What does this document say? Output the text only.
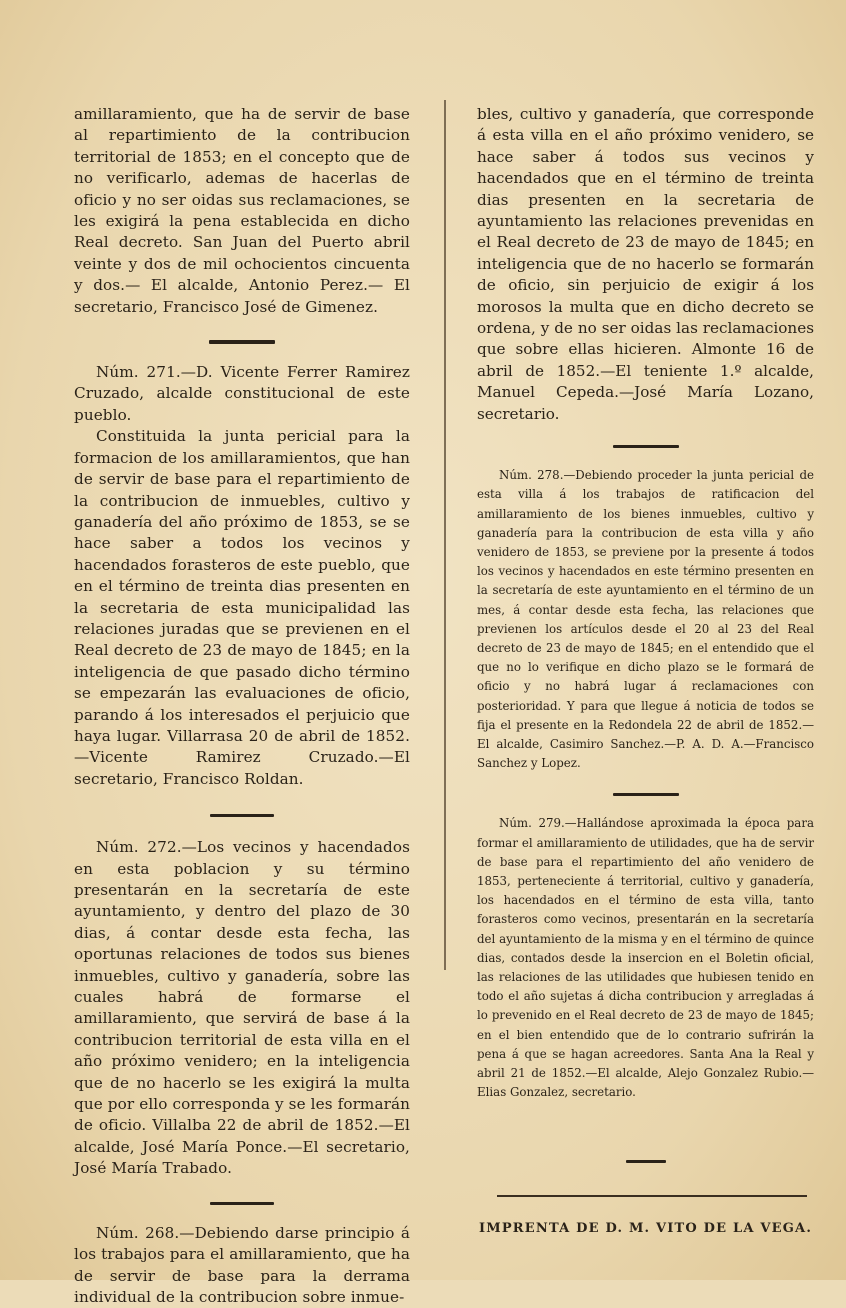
amillaramiento, que ha de servir de base al repartimiento de la contribucion territorial de 1853; en el concepto que de no verificarlo, ademas de hacerlas de oficio y no ser oidas sus reclamaciones, se les exigirá la pena establecida en dicho Real decreto. San Juan del Puerto abril veinte y dos de mil ochocientos cincuenta y dos.— El alcalde, Antonio Perez.— El secretario, Francisco José de Gimenez.

Núm. 271.—D. Vicente Ferrer Ramirez Cruzado, alcalde constitucional de este pueblo.

Constituida la junta pericial para la formacion de los amillaramientos, que han de servir de base para el repartimiento de la contribucion de inmuebles, cultivo y ganadería del año próximo de 1853, se se hace saber a todos los vecinos y hacendados forasteros de este pueblo, que en el término de treinta dias presenten en la secretaria de esta municipalidad las relaciones juradas que se previenen en el Real decreto de 23 de mayo de 1845; en la inteligencia de que pasado dicho término se empezarán las evaluaciones de oficio, parando á los interesados el perjuicio que haya lugar. Villarrasa 20 de abril de 1852.—Vicente Ramirez Cruzado.—El secretario, Francisco Roldan.

Núm. 272.—Los vecinos y hacendados en esta poblacion y su término presentarán en la secretaría de este ayuntamiento, y dentro del plazo de 30 dias, á contar desde esta fecha, las oportunas relaciones de todos sus bienes inmuebles, cultivo y ganadería, sobre las cuales habrá de formarse el amillaramiento, que servirá de base á la contribucion territorial de esta villa en el año próximo venidero; en la inteligencia que de no hacerlo se les exigirá la multa que por ello corresponda y se les formarán de oficio. Villalba 22 de abril de 1852.—El alcalde, José María Ponce.—El secretario, José María Trabado.

Núm. 268.—Debiendo darse principio á los trabajos para el amillaramiento, que ha de servir de base para la derrama individual de la contribucion sobre inmue-

bles, cultivo y ganadería, que corresponde á esta villa en el año próximo venidero, se hace saber á todos sus vecinos y hacendados que en el término de treinta dias presenten en la secretaria de ayuntamiento las relaciones prevenidas en el Real decreto de 23 de mayo de 1845; en inteligencia que de no hacerlo se formarán de oficio, sin perjuicio de exigir á los morosos la multa que en dicho decreto se ordena, y de no ser oidas las reclamaciones que sobre ellas hicieren. Almonte 16 de abril de 1852.—El teniente 1.º alcalde, Manuel Cepeda.—José María Lozano, secretario.

Núm. 278.—Debiendo proceder la junta pericial de esta villa á los trabajos de ratificacion del amillaramiento de los bienes inmuebles, cultivo y ganadería para la contribucion de esta villa y año venidero de 1853, se previene por la presente á todos los vecinos y hacendados en este término presenten en la secretaría de este ayuntamiento en el término de un mes, á contar desde esta fecha, las relaciones que previenen los artículos desde el 20 al 23 del Real decreto de 23 de mayo de 1845; en el entendido que el que no lo verifique en dicho plazo se le formará de oficio y no habrá lugar á reclamaciones con posterioridad. Y para que llegue á noticia de todos se fija el presente en la Redondela 22 de abril de 1852.—El alcalde, Casimiro Sanchez.—P. A. D. A.—Francisco Sanchez y Lopez.

Núm. 279.—Hallándose aproximada la época para formar el amillaramiento de utilidades, que ha de servir de base para el repartimiento del año venidero de 1853, perteneciente á territorial, cultivo y ganadería, los hacendados en el término de esta villa, tanto forasteros como vecinos, presentarán en la secretaría del ayuntamiento de la misma y en el término de quince dias, contados desde la insercion en el Boletin oficial, las relaciones de las utilidades que hubiesen tenido en todo el año sujetas á dicha contribucion y arregladas á lo prevenido en el Real decreto de 23 de mayo de 1845; en el bien entendido que de lo contrario sufrirán la pena á que se hagan acreedores. Santa Ana la Real y abril 21 de 1852.—El alcalde, Alejo Gonzalez Rubio.—Elias Gonzalez, secretario.

IMPRENTA DE D. M. VITO DE LA VEGA.
